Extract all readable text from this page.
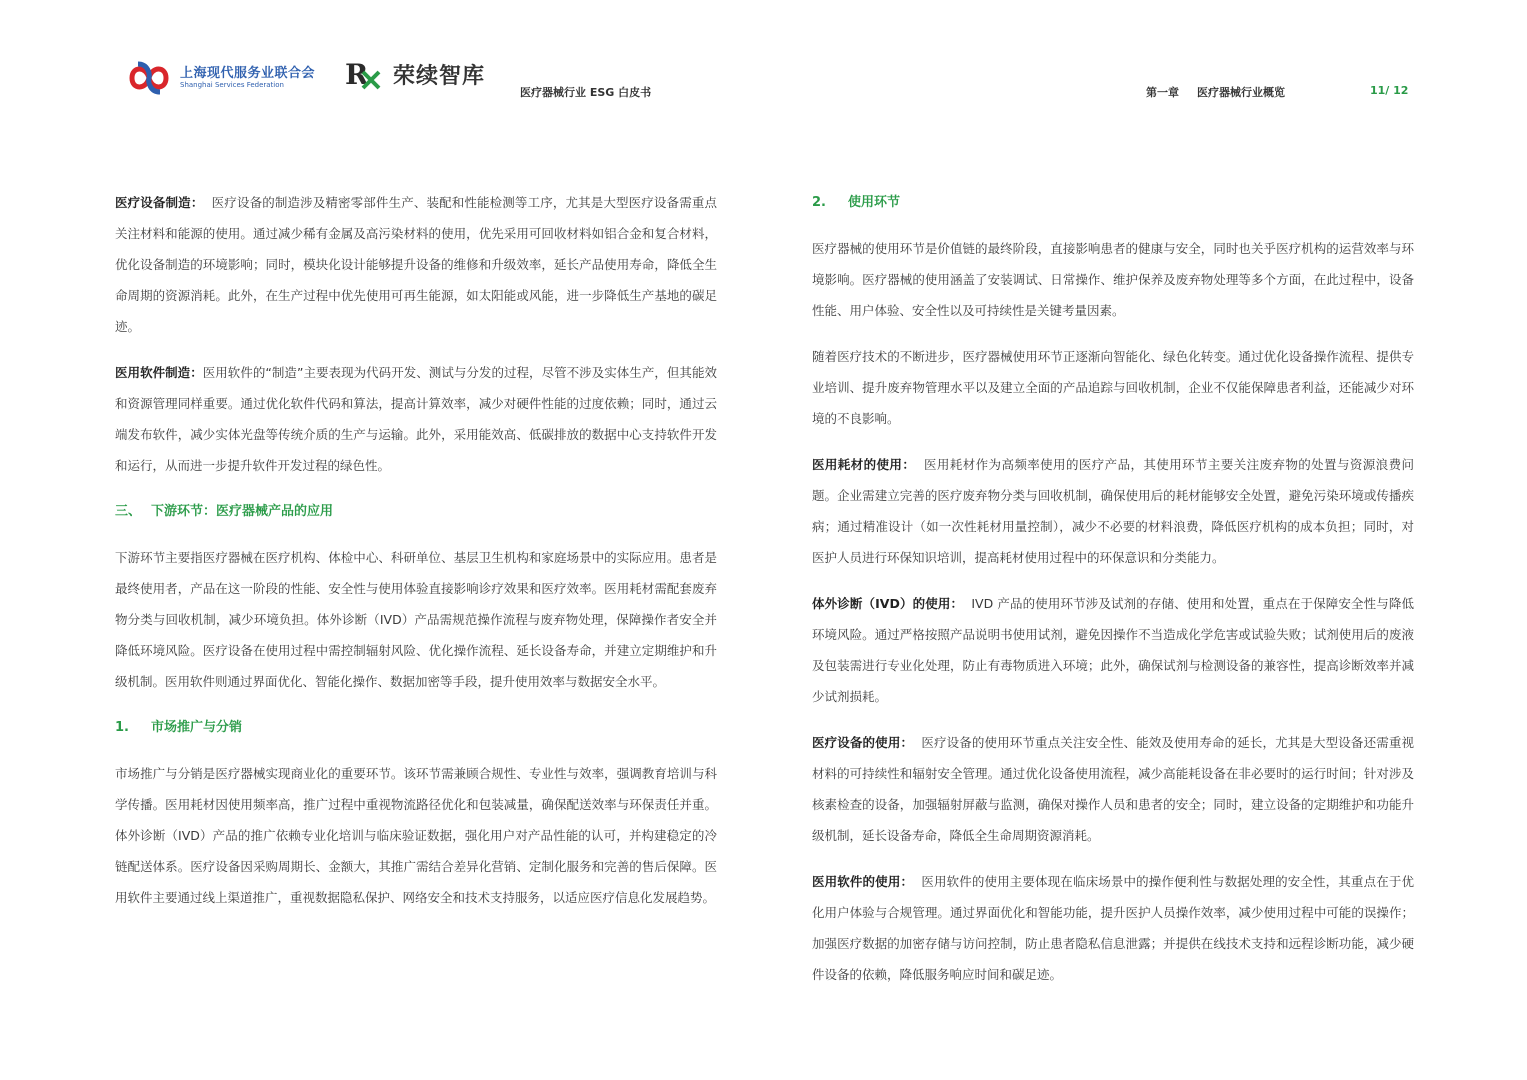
上海现代服务业联合会
Shanghai Services Federation	R 荣续智库
医疗器械行业 ESG 白皮书	第一章 医疗器械行业概览	11/ 12

医疗设备制造： 医疗设备的制造涉及精密零部件生产、装配和性能检测等工序，尤其是大型医疗设备需重点关注材料和能源的使用。通过减少稀有金属及高污染材料的使用，优先采用可回收材料如铝合金和复合材料，优化设备制造的环境影响；同时，模块化设计能够提升设备的维修和升级效率，延长产品使用寿命，降低全生命周期的资源消耗。此外，在生产过程中优先使用可再生能源，如太阳能或风能，进一步降低生产基地的碳足迹。

医用软件制造：医用软件的“制造”主要表现为代码开发、测试与分发的过程，尽管不涉及实体生产，但其能效和资源管理同样重要。通过优化软件代码和算法，提高计算效率，减少对硬件性能的过度依赖；同时，通过云端发布软件，减少实体光盘等传统介质的生产与运输。此外，采用能效高、低碳排放的数据中心支持软件开发和运行，从而进一步提升软件开发过程的绿色性。

三、 下游环节：医疗器械产品的应用

下游环节主要指医疗器械在医疗机构、体检中心、科研单位、基层卫生机构和家庭场景中的实际应用。患者是最终使用者，产品在这一阶段的性能、安全性与使用体验直接影响诊疗效果和医疗效率。医用耗材需配套废弃物分类与回收机制，减少环境负担。体外诊断（IVD）产品需规范操作流程与废弃物处理，保障操作者安全并降低环境风险。医疗设备在使用过程中需控制辐射风险、优化操作流程、延长设备寿命，并建立定期维护和升级机制。医用软件则通过界面优化、智能化操作、数据加密等手段，提升使用效率与数据安全水平。

1. 市场推广与分销

市场推广与分销是医疗器械实现商业化的重要环节。该环节需兼顾合规性、专业性与效率，强调教育培训与科学传播。医用耗材因使用频率高，推广过程中重视物流路径优化和包装减量，确保配送效率与环保责任并重。体外诊断（IVD）产品的推广依赖专业化培训与临床验证数据，强化用户对产品性能的认可，并构建稳定的冷链配送体系。医疗设备因采购周期长、金额大，其推广需结合差异化营销、定制化服务和完善的售后保障。医用软件主要通过线上渠道推广，重视数据隐私保护、网络安全和技术支持服务，以适应医疗信息化发展趋势。

2. 使用环节

医疗器械的使用环节是价值链的最终阶段，直接影响患者的健康与安全，同时也关乎医疗机构的运营效率与环境影响。医疗器械的使用涵盖了安装调试、日常操作、维护保养及废弃物处理等多个方面，在此过程中，设备性能、用户体验、安全性以及可持续性是关键考量因素。

随着医疗技术的不断进步，医疗器械使用环节正逐渐向智能化、绿色化转变。通过优化设备操作流程、提供专业培训、提升废弃物管理水平以及建立全面的产品追踪与回收机制，企业不仅能保障患者利益，还能减少对环境的不良影响。

医用耗材的使用： 医用耗材作为高频率使用的医疗产品，其使用环节主要关注废弃物的处置与资源浪费问题。企业需建立完善的医疗废弃物分类与回收机制，确保使用后的耗材能够安全处置，避免污染环境或传播疾病；通过精准设计（如一次性耗材用量控制），减少不必要的材料浪费，降低医疗机构的成本负担；同时，对医护人员进行环保知识培训，提高耗材使用过程中的环保意识和分类能力。

体外诊断（IVD）的使用： IVD 产品的使用环节涉及试剂的存储、使用和处置，重点在于保障安全性与降低环境风险。通过严格按照产品说明书使用试剂，避免因操作不当造成化学危害或试验失败；试剂使用后的废液及包装需进行专业化处理，防止有毒物质进入环境；此外，确保试剂与检测设备的兼容性，提高诊断效率并减少试剂损耗。

医疗设备的使用： 医疗设备的使用环节重点关注安全性、能效及使用寿命的延长，尤其是大型设备还需重视材料的可持续性和辐射安全管理。通过优化设备使用流程，减少高能耗设备在非必要时的运行时间；针对涉及核素检查的设备，加强辐射屏蔽与监测，确保对操作人员和患者的安全；同时，建立设备的定期维护和功能升级机制，延长设备寿命，降低全生命周期资源消耗。

医用软件的使用： 医用软件的使用主要体现在临床场景中的操作便利性与数据处理的安全性，其重点在于优化用户体验与合规管理。通过界面优化和智能功能，提升医护人员操作效率，减少使用过程中可能的误操作；加强医疗数据的加密存储与访问控制，防止患者隐私信息泄露；并提供在线技术支持和远程诊断功能，减少硬件设备的依赖，降低服务响应时间和碳足迹。
